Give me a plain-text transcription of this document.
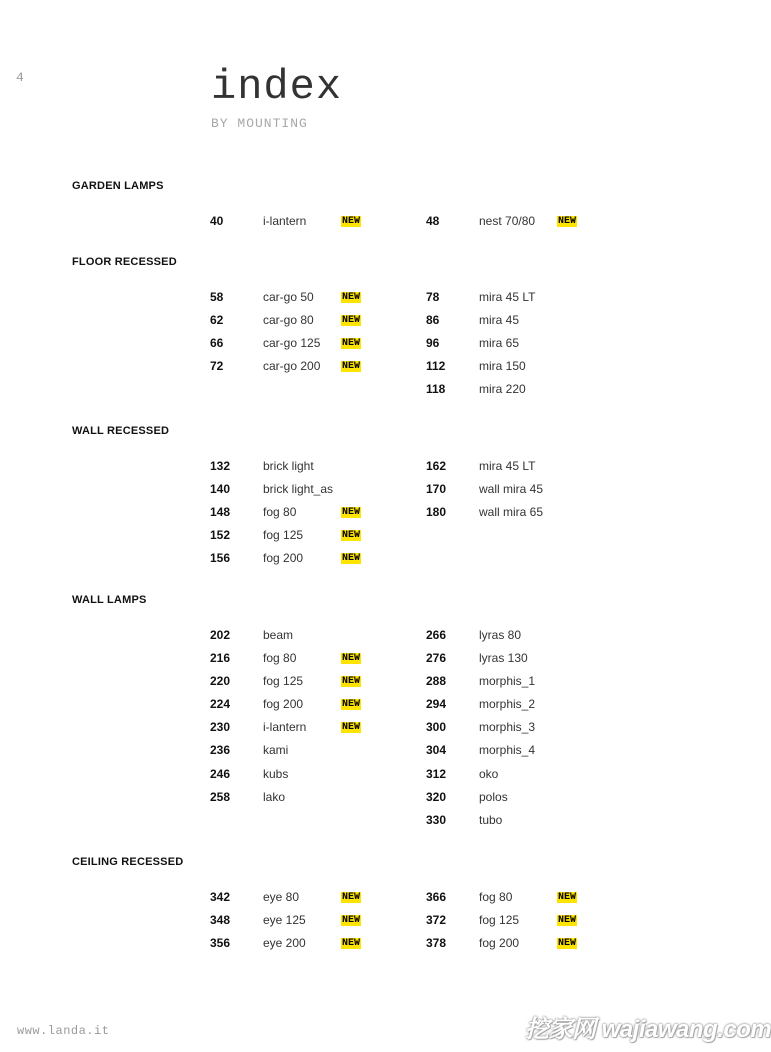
4	index
BY MOUNTING
GARDEN LAMPS
40	i-lantern	NEW	48	nest 70/80 NEW
FLOOR RECESSED
58	car-go 50	NEW
62	car-go 80	NEW
66	car-go 125 NEW
72	car-go 200 NEW
78	mira 45 LT
86	mira 45
96	mira 65
112	mira 150
118	mira 220
WALL RECESSED
132	brick light
140	brick light_as
148	fog 80	NEW
152	fog 125	NEW
156	fog 200	NEW
162	mira 45 LT
170	wall mira 45
180	wall mira 65
WALL LAMPS
202	beam
216	fog 80	NEW
220	fog 125	NEW
224	fog 200	NEW
230	i-lantern	NEW
236	kami
246	kubs
258	lako
266	lyras 80
276	lyras 130
288	morphis_1
294	morphis_2
300	morphis_3
304	morphis_4
312	oko
320	polos
330	tubo
CEILING RECESSED
342	eye 80	NEW
348	eye 125	NEW
356	eye 200	NEW
366	fog 80	NEW
372	fog 125	NEW
378	fog 200	NEW
www.landa.it	挖家网 wajiawang.com
